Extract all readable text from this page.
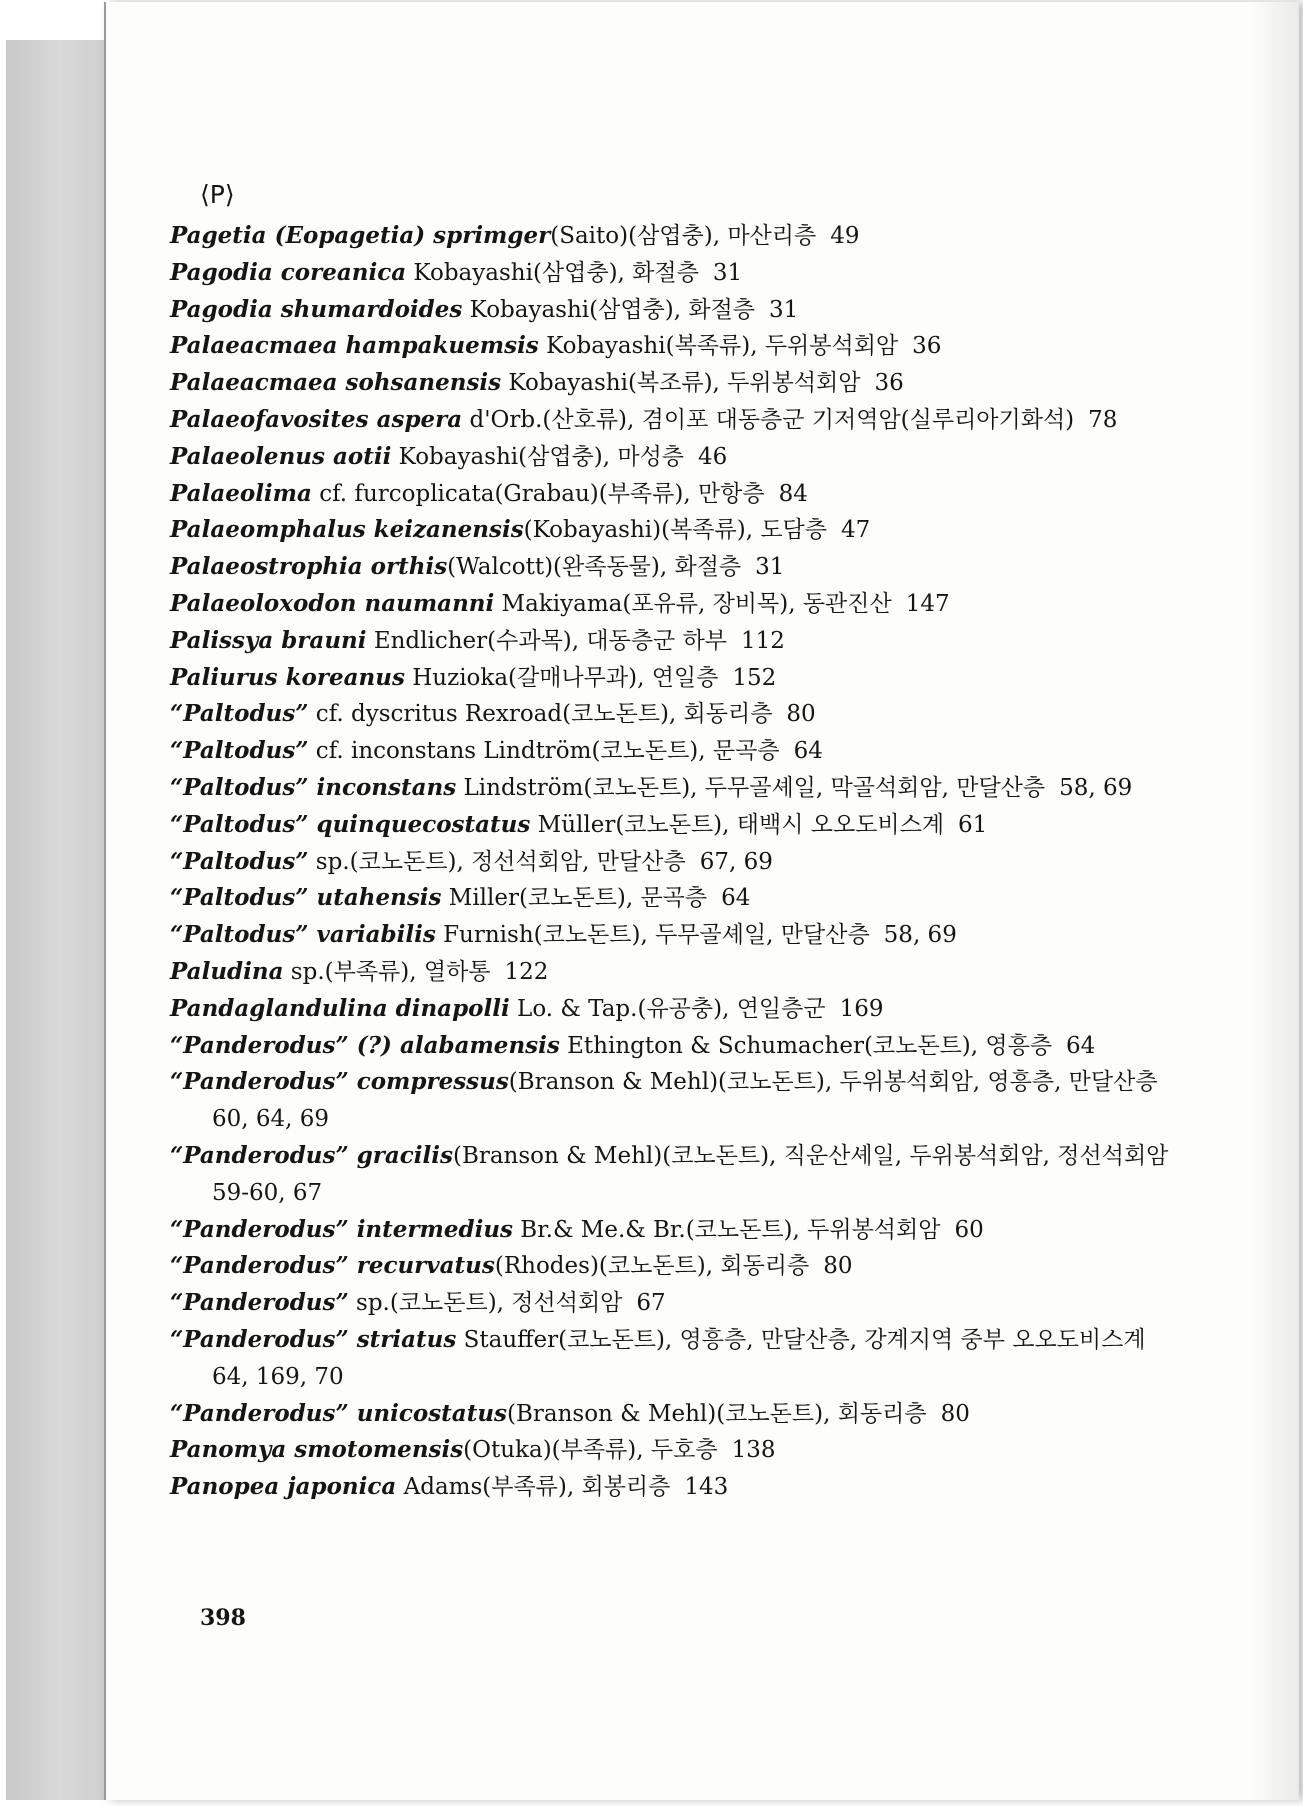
⟨P⟩
Pagetia (Eopagetia) sprimger(Saito)(삼엽충), 마산리층 49
Pagodia coreanica Kobayashi(삼엽충), 화절층 31
Pagodia shumardoides Kobayashi(삼엽충), 화절층 31
Palaeacmaea hampakuemsis Kobayashi(복족류), 두위봉석회암 36
Palaeacmaea sohsanensis Kobayashi(복조류), 두위봉석회암 36
Palaeofavosites aspera d'Orb.(산호류), 겸이포 대동층군 기저역암(실루리아기화석) 78
Palaeolenus aotii Kobayashi(삼엽충), 마성층 46
Palaeolima cf. furcoplicata(Grabau)(부족류), 만항층 84
Palaeomphalus keizanensis(Kobayashi)(복족류), 도담층 47
Palaeostrophia orthis(Walcott)(완족동물), 화절층 31
Palaeoloxodon naumanni Makiyama(포유류, 장비목), 동관진산 147
Palissya brauni Endlicher(수과목), 대동층군 하부 112
Paliurus koreanus Huzioka(갈매나무과), 연일층 152
“Paltodus” cf. dyscritus Rexroad(코노돈트), 회동리층 80
“Paltodus” cf. inconstans Lindtröm(코노돈트), 문곡층 64
“Paltodus” inconstans Lindström(코노돈트), 두무골셰일, 막골석회암, 만달산층 58, 69
“Paltodus” quinquecostatus Müller(코노돈트), 태백시 오오도비스계 61
“Paltodus” sp.(코노돈트), 정선석회암, 만달산층 67, 69
“Paltodus” utahensis Miller(코노돈트), 문곡층 64
“Paltodus” variabilis Furnish(코노돈트), 두무골셰일, 만달산층 58, 69
Paludina sp.(부족류), 열하통 122
Pandaglandulina dinapolli Lo. & Tap.(유공충), 연일층군 169
“Panderodus” (?) alabamensis Ethington & Schumacher(코노돈트), 영흥층 64
“Panderodus” compressus(Branson & Mehl)(코노돈트), 두위봉석회암, 영흥층, 만달산층60, 64, 69
“Panderodus” gracilis(Branson & Mehl)(코노돈트), 직운산셰일, 두위봉석회암, 정선석회암59-60, 67
“Panderodus” intermedius Br.& Me.& Br.(코노돈트), 두위봉석회암 60
“Panderodus” recurvatus(Rhodes)(코노돈트), 회동리층 80
“Panderodus” sp.(코노돈트), 정선석회암 67
“Panderodus” striatus Stauffer(코노돈트), 영흥층, 만달산층, 강계지역 중부 오오도비스계64, 169, 70
“Panderodus” unicostatus(Branson & Mehl)(코노돈트), 회동리층 80
Panomya smotomensis(Otuka)(부족류), 두호층 138
Panopea japonica Adams(부족류), 회봉리층 143
398
